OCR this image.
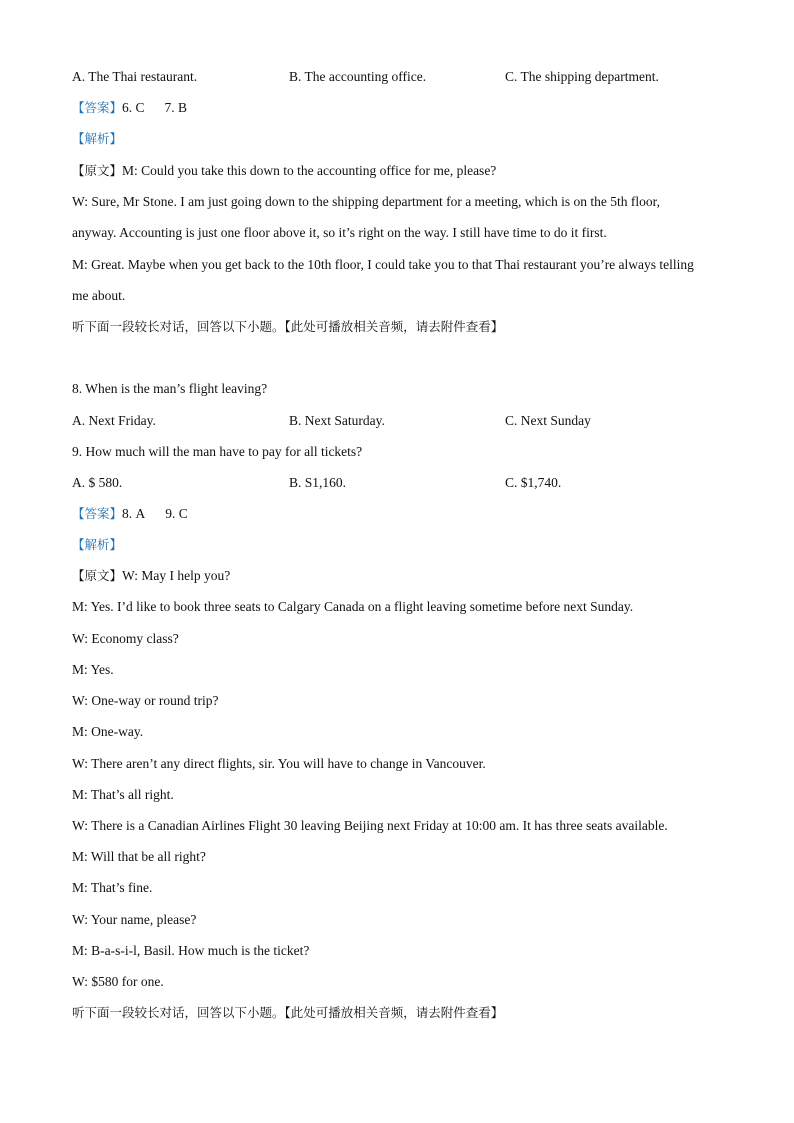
A. The Thai restaurant.	B. The accounting office.	C. The shipping department.
【答案】6. C 7. B
【解析】
【原文】M: Could you take this down to the accounting office for me, please?
W: Sure, Mr Stone. I am just going down to the shipping department for a meeting, which is on the 5th floor,
anyway. Accounting is just one floor above it, so it’s right on the way. I still have time to do it first.
M: Great. Maybe when you get back to the 10th floor, I could take you to that Thai restaurant you’re always telling
me about.
听下面一段较长对话，回答以下小题。【此处可播放相关音频，请去附件查看】
8. When is the man’s flight leaving?
A. Next Friday.	B. Next Saturday.	C. Next Sunday
9. How much will the man have to pay for all tickets?
A. $ 580.	B. S1,160.	C. $1,740.
【答案】8. A 9. C
【解析】
【原文】W: May I help you?
M: Yes. I’d like to book three seats to Calgary Canada on a flight leaving sometime before next Sunday.
W: Economy class?
M: Yes.
W: One-way or round trip?
M: One-way.
W: There aren’t any direct flights, sir. You will have to change in Vancouver.
M: That’s all right.
W: There is a Canadian Airlines Flight 30 leaving Beijing next Friday at 10:00 am. It has three seats available.
M: Will that be all right?
M: That’s fine.
W: Your name, please?
M: B-a-s-i-l, Basil. How much is the ticket?
W: $580 for one.
听下面一段较长对话，回答以下小题。【此处可播放相关音频，请去附件查看】
